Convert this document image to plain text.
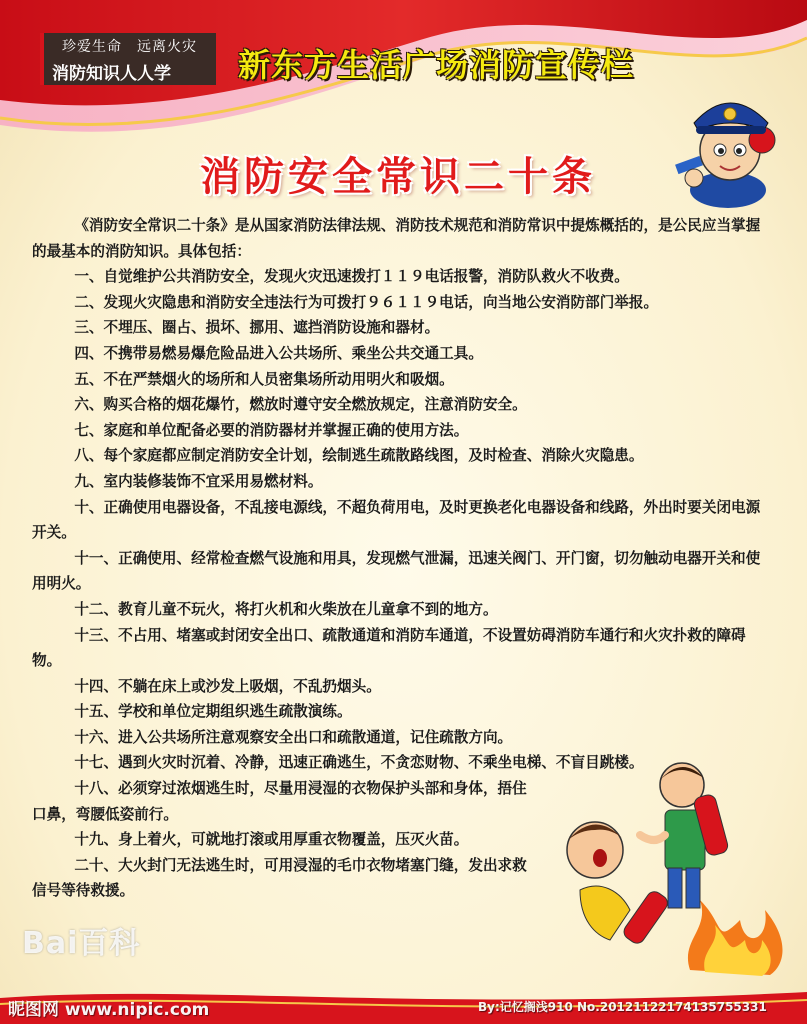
珍爱生命　远离火灾
消防知识人人学 新东方生活广场消防宣传栏
消防安全常识二十条

《消防安全常识二十条》是从国家消防法律法规、消防技术规范和消防常识中提炼概括的，是公民应当掌握的最基本的消防知识。具体包括：

一、自觉维护公共消防安全，发现火灾迅速拨打１１９电话报警，消防队救火不收费。

二、发现火灾隐患和消防安全违法行为可拨打９６１１９电话，向当地公安消防部门举报。

三、不埋压、圈占、损坏、挪用、遮挡消防设施和器材。

四、不携带易燃易爆危险品进入公共场所、乘坐公共交通工具。

五、不在严禁烟火的场所和人员密集场所动用明火和吸烟。

六、购买合格的烟花爆竹，燃放时遵守安全燃放规定，注意消防安全。

七、家庭和单位配备必要的消防器材并掌握正确的使用方法。

八、每个家庭都应制定消防安全计划，绘制逃生疏散路线图，及时检查、消除火灾隐患。

九、室内装修装饰不宜采用易燃材料。

十、正确使用电器设备，不乱接电源线，不超负荷用电，及时更换老化电器设备和线路，外出时要关闭电源开关。

十一、正确使用、经常检查燃气设施和用具，发现燃气泄漏，迅速关阀门、开门窗，切勿触动电器开关和使用明火。

十二、教育儿童不玩火，将打火机和火柴放在儿童拿不到的地方。

十三、不占用、堵塞或封闭安全出口、疏散通道和消防车通道，不设置妨碍消防车通行和火灾扑救的障碍物。

十四、不躺在床上或沙发上吸烟，不乱扔烟头。

十五、学校和单位定期组织逃生疏散演练。

十六、进入公共场所注意观察安全出口和疏散通道，记住疏散方向。

十七、遇到火灾时沉着、冷静，迅速正确逃生，不贪恋财物、不乘坐电梯、不盲目跳楼。

十八、必须穿过浓烟逃生时，尽量用浸湿的衣物保护头部和身体，捂住口鼻，弯腰低姿前行。

十九、身上着火，可就地打滚或用厚重衣物覆盖，压灭火苗。

二十、大火封门无法逃生时，可用浸湿的毛巾衣物堵塞门缝，发出求救信号等待救援。

Bai百科
昵图网 www.nipic.com	By:记忆搁浅910 No.20121122174135755331
